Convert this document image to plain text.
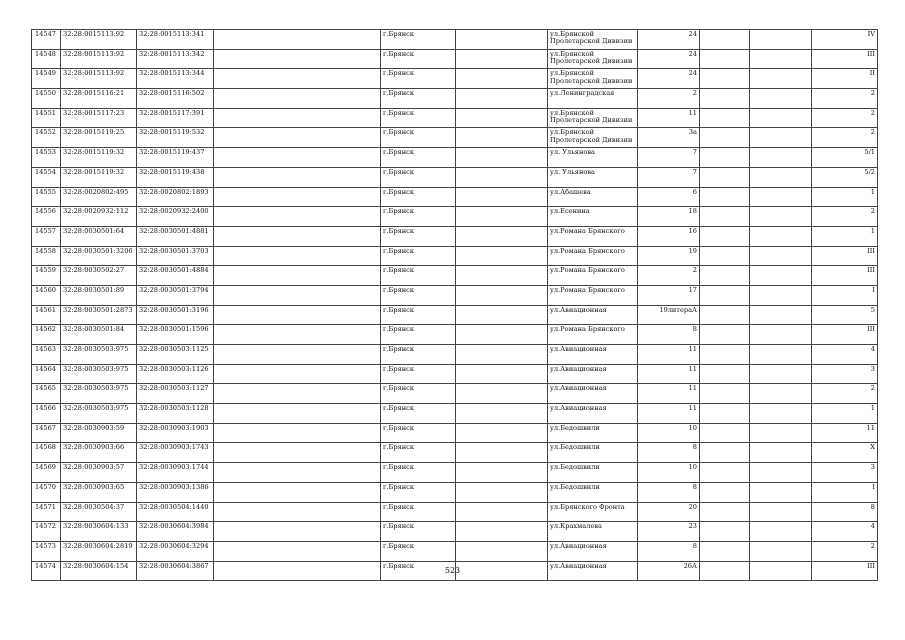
14547	32:28:0015113:92	32:28:0015113:341		г.Брянск		ул.Брянской Пролетарской Дивизии	24			IV
14548	32:28:0015113:92	32:28:0015113:342		г.Брянск		ул.Брянской Пролетарской Дивизии	24			III
14549	32:28:0015113:92	32:28:0015113:344		г.Брянск		ул.Брянской Пролетарской Дивизии	24			II
14550	32:28:0015116:21	32:28:0015116:502		г.Брянск		ул.Ленинградская	2			2
14551	32:28:0015117:23	32:28:0015117:391		г.Брянск		ул.Брянской Пролетарской Дивизии	11			2
14552	32:28:0015119:25	32:28:0015119:532		г.Брянск		ул.Брянской Пролетарской Дивизии	3а			2
14553	32:28:0015119:32	32:28:0015119:437		г.Брянск		ул. Ульянова	7			5/1
14554	32:28:0015119:32	32:28:0015119:438		г.Брянск		ул. Ульянова	7			5/2
14555	32:28:0020802:495	32:28:0020802:1893		г.Брянск		ул.Абашева	6			1
14556	32:28:0020932:112	32:28:0020932:2400		г.Брянск		ул.Есенина	18			2
14557	32:28:0030501:64	32:28:0030501:4881		г.Брянск		ул.Романа Брянского	16			1
14558	32:28:0030501:3206	32:28:0030501:3703		г.Брянск		ул.Романа Брянского	19			III
14559	32:28:0030502:27	32:28:0030501:4884		г.Брянск		ул.Романа Брянского	2			III
14560	32:28:0030501:89	32:28:0030501:3794		г.Брянск		ул.Романа Брянского	17			I
14561	32:28:0030501:2873	32:28:0030501:3196		г.Брянск		ул.Авиационная	19литераА			5
14562	32:28:0030501:84	32:28:0030501:1596		г.Брянск		ул.Романа Брянского	8			III
14563	32:28:0030503:975	32:28:0030503:1125		г.Брянск		ул.Авиационная	11			4
14564	32:28:0030503:975	32:28:0030503:1126		г.Брянск		ул.Авиационная	11			3
14565	32:28:0030503:975	32:28:0030503:1127		г.Брянск		ул.Авиационная	11			2
14566	32:28:0030503:975	32:28:0030503:1128		г.Брянск		ул.Авиационная	11			1
14567	32:28:0030903:59	32:28:0030903:1903		г.Брянск		ул.Бедошвили	10			11
14568	32:28:0030903:66	32:28:0030903:1743		г.Брянск		ул.Бедошвили	8			X
14569	32:28:0030903:57	32:28:0030903:1744		г.Брянск		ул.Бедошвили	10			3
14570	32:28:0030903:65	32:28:0030903:1386		г.Брянск		ул.Бедошвили	8			I
14571	32:28:0030504:37	32:28:0030504:1440		г.Брянск		ул.Брянского Фронта	20			8
14572	32:28:0030604:133	32:28:0030604:3984		г.Брянск		ул.Крахмалева	23			4
14573	32:28:0030604:2819	32:28:0030604:3294		г.Брянск		ул.Авиационная	8			2
14574	32:28:0030604:154	32:28:0030604:3867		г.Брянск		ул.Авиационная	26А			III
523
